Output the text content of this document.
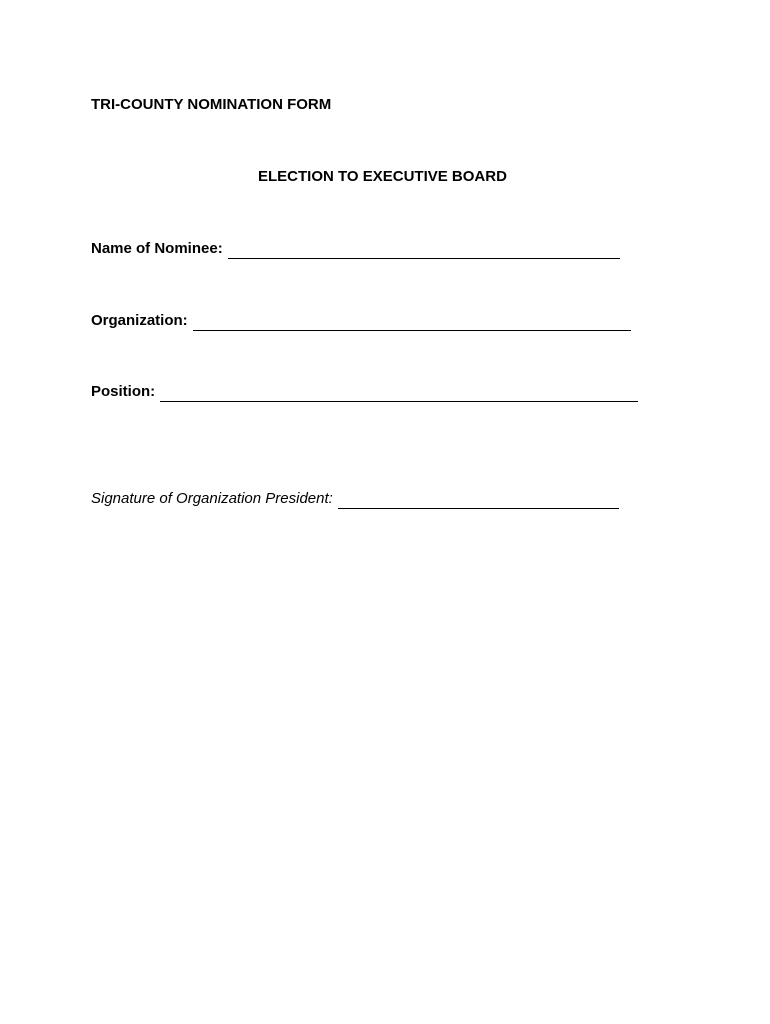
TRI-COUNTY NOMINATION FORM
ELECTION TO EXECUTIVE BOARD
Name of Nominee:
Organization:
Position:
Signature of Organization President:
